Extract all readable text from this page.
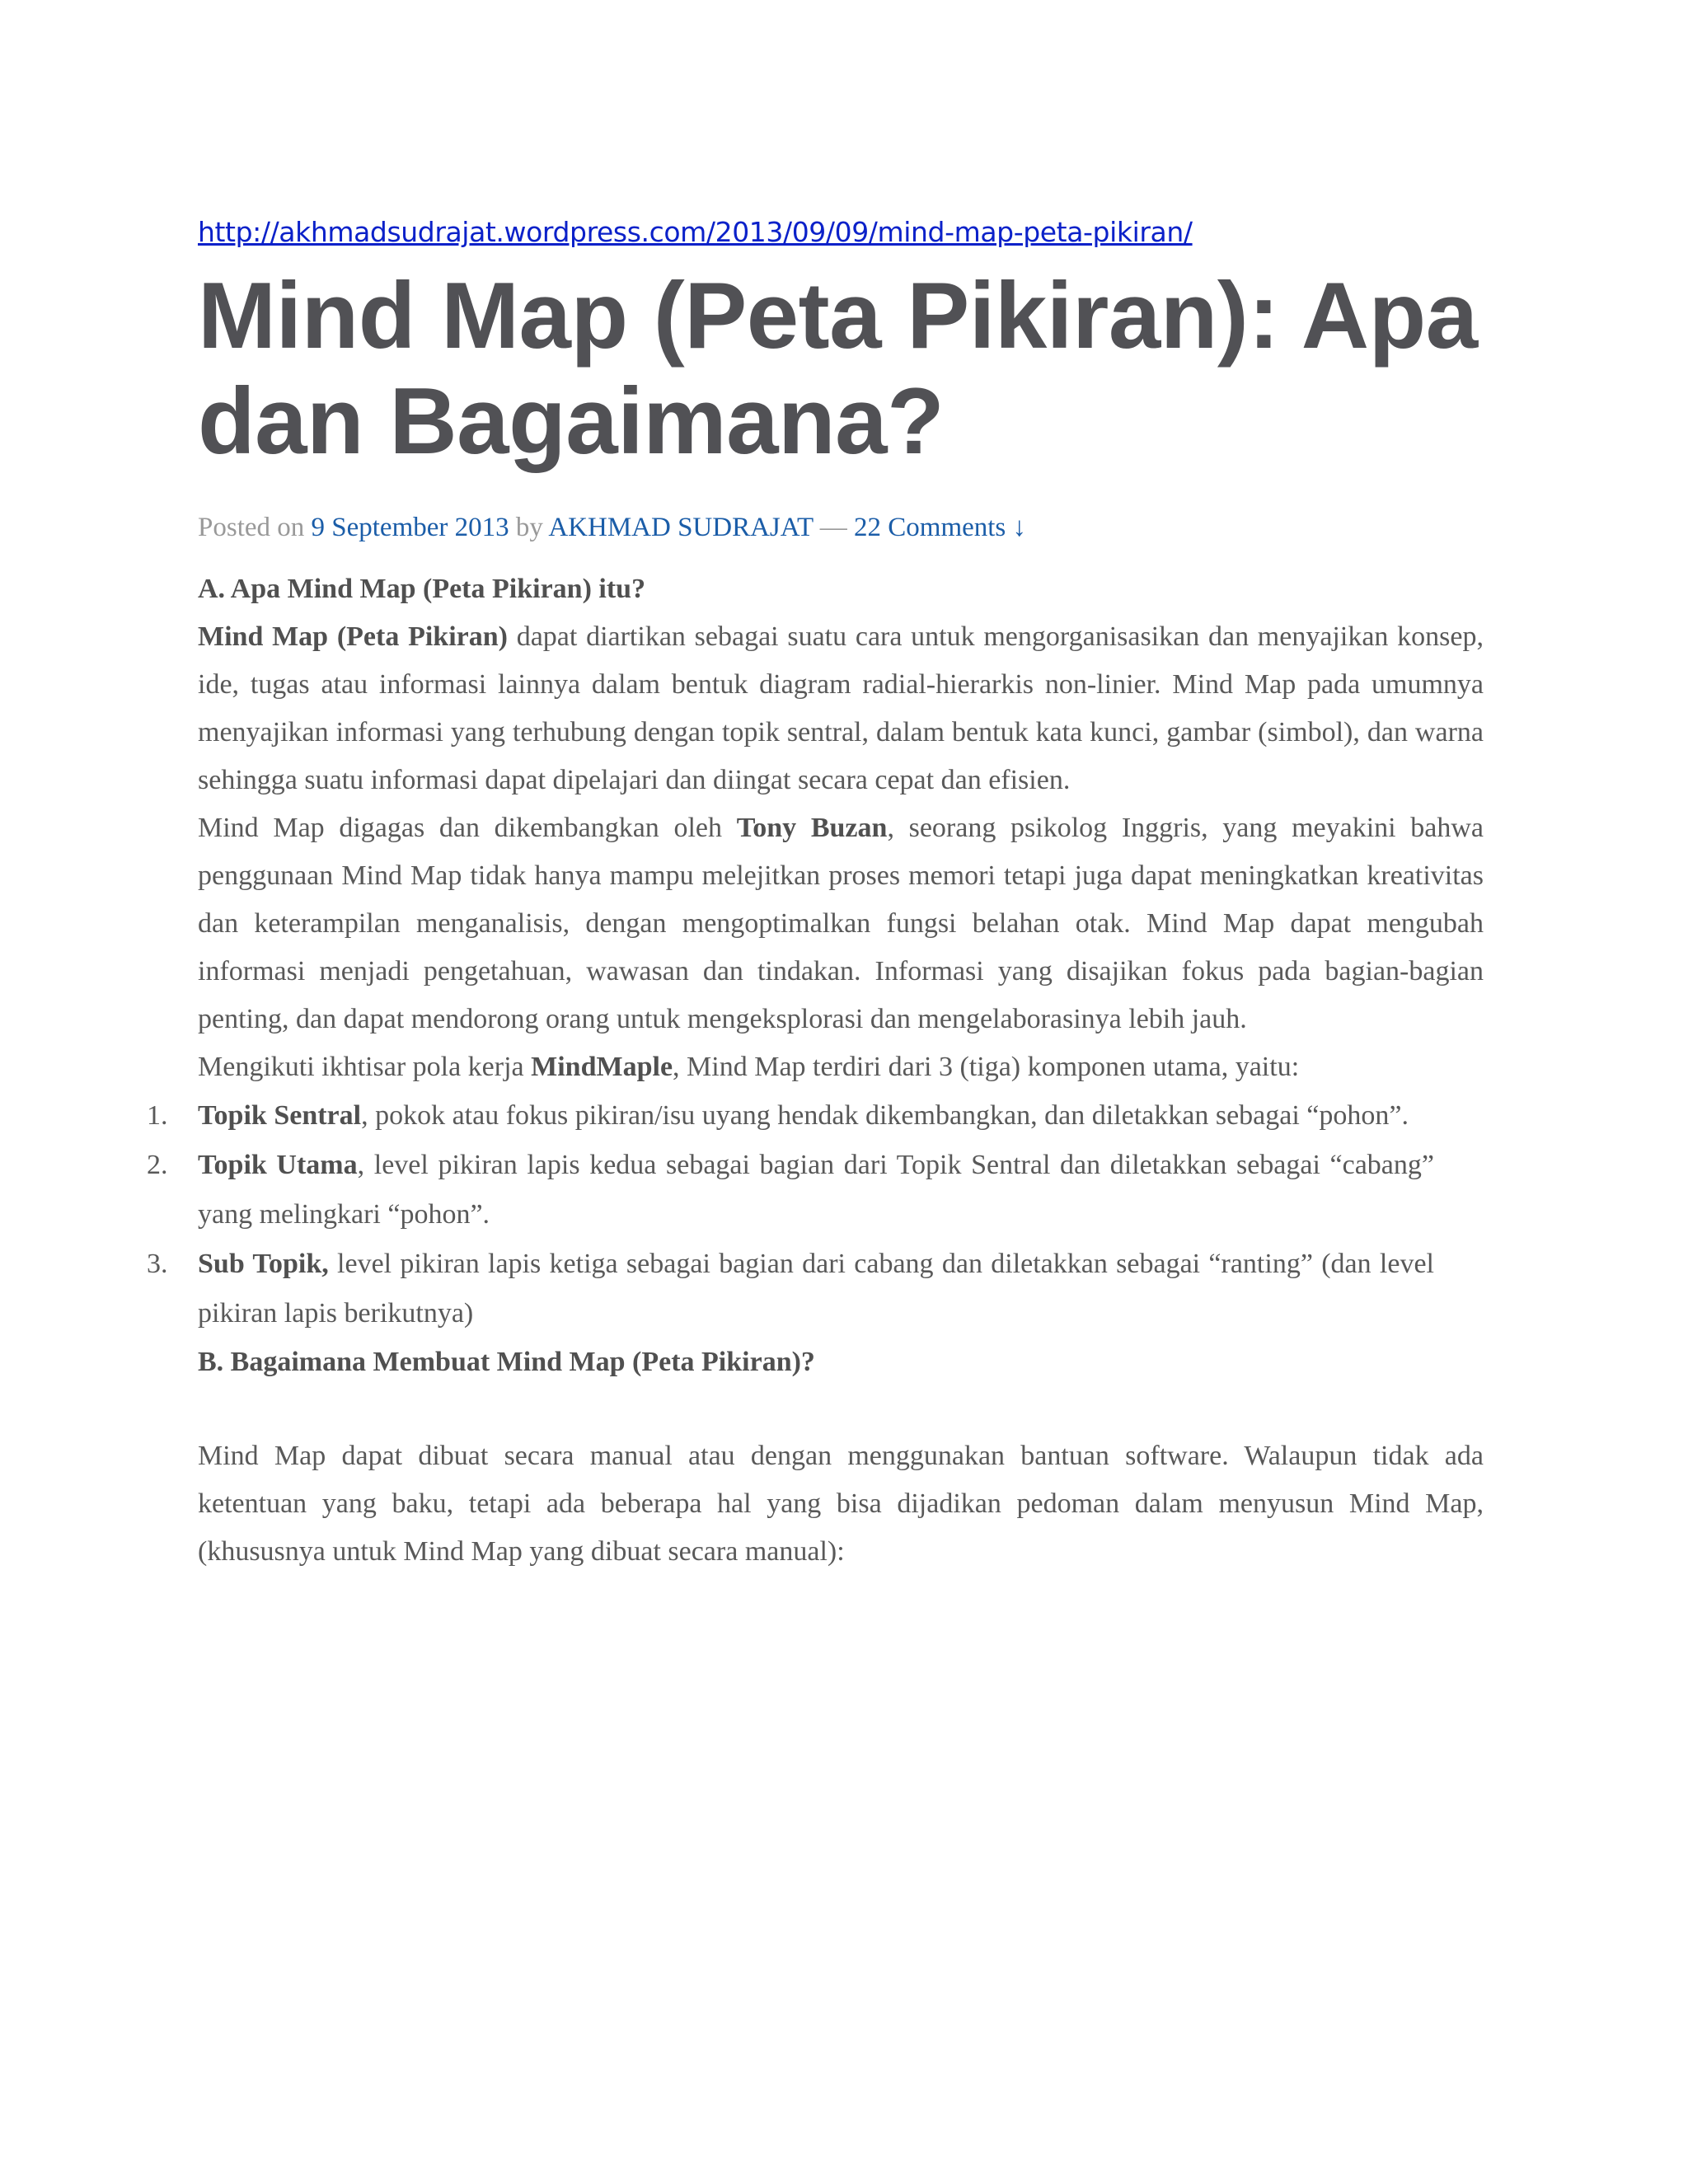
http://akhmadsudrajat.wordpress.com/2013/09/09/mind-map-peta-pikiran/
Mind Map (Peta Pikiran): Apa dan Bagaimana?
Posted on 9 September 2013 by AKHMAD SUDRAJAT — 22 Comments ↓
A. Apa Mind Map (Peta Pikiran) itu?

Mind Map (Peta Pikiran) dapat diartikan sebagai suatu cara untuk mengorganisasikan dan menyajikan konsep, ide, tugas atau informasi lainnya dalam bentuk diagram radial-hierarkis non-linier. Mind Map pada umumnya menyajikan informasi yang terhubung dengan topik sentral, dalam bentuk kata kunci, gambar (simbol), dan warna sehingga suatu informasi dapat dipelajari dan diingat secara cepat dan efisien.

Mind Map digagas dan dikembangkan oleh Tony Buzan, seorang psikolog Inggris, yang meyakini bahwa penggunaan Mind Map tidak hanya mampu melejitkan proses memori tetapi juga dapat meningkatkan kreativitas dan keterampilan menganalisis, dengan mengoptimalkan fungsi belahan otak. Mind Map dapat mengubah informasi menjadi pengetahuan, wawasan dan tindakan. Informasi yang disajikan fokus pada bagian-bagian penting, dan dapat mendorong orang untuk mengeksplorasi dan mengelaborasinya lebih jauh.

Mengikuti ikhtisar pola kerja MindMaple, Mind Map terdiri dari 3 (tiga) komponen utama, yaitu:

1. Topik Sentral, pokok atau fokus pikiran/isu uyang hendak dikembangkan, dan diletakkan sebagai “pohon”.
2. Topik Utama, level pikiran lapis kedua sebagai bagian dari Topik Sentral dan diletakkan sebagai “cabang” yang melingkari “pohon”.
3. Sub Topik, level pikiran lapis ketiga sebagai bagian dari cabang dan diletakkan sebagai “ranting” (dan level pikiran lapis berikutnya)
B. Bagaimana Membuat Mind Map (Peta Pikiran)?

Mind Map dapat dibuat secara manual atau dengan menggunakan bantuan software. Walaupun tidak ada ketentuan yang baku, tetapi ada beberapa hal yang bisa dijadikan pedoman dalam menyusun Mind Map, (khususnya untuk Mind Map yang dibuat secara manual):
